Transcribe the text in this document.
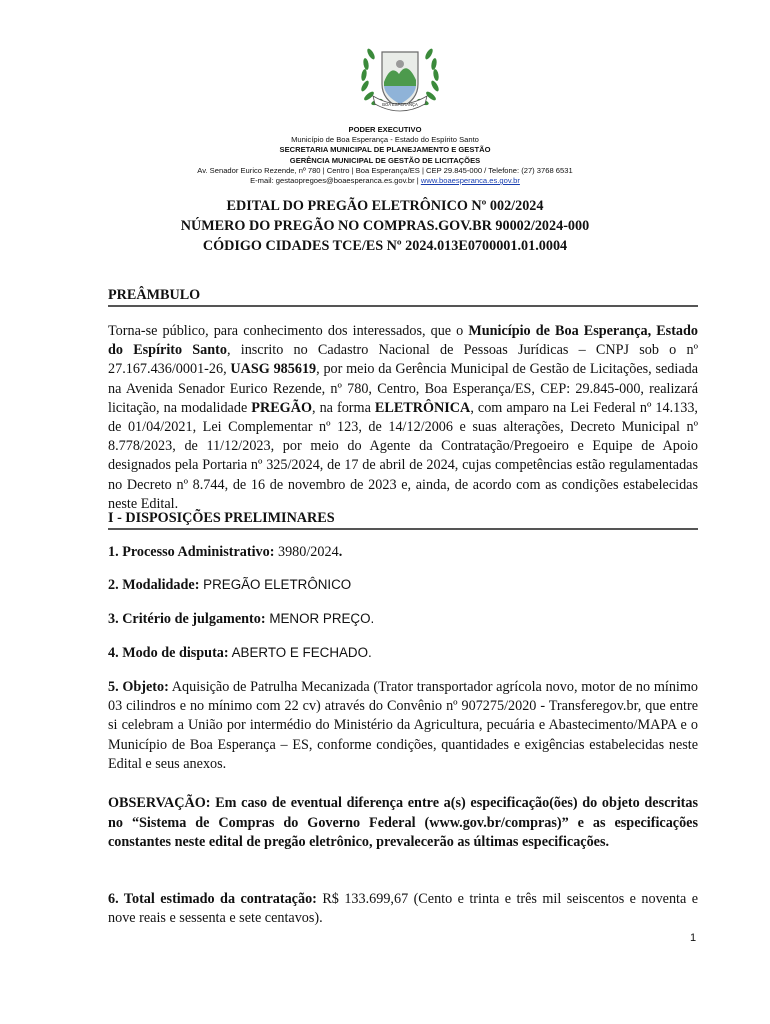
BOA ESPERANÇA
PODER EXECUTIVO
Município de Boa Esperança - Estado do Espírito Santo
SECRETARIA MUNICIPAL DE PLANEJAMENTO E GESTÃO
GERÊNCIA MUNICIPAL DE GESTÃO DE LICITAÇÕES
Av. Senador Eurico Rezende, nº 780 | Centro | Boa Esperança/ES | CEP 29.845-000 / Telefone: (27) 3768 6531
E-mail: gestaopregoes@boaesperanca.es.gov.br | www.boaesperanca.es.gov.br
EDITAL DO PREGÃO ELETRÔNICO Nº 002/2024
NÚMERO DO PREGÃO NO COMPRAS.GOV.BR 90002/2024-000
CÓDIGO CIDADES TCE/ES Nº 2024.013E0700001.01.0004
PREÂMBULO
Torna-se público, para conhecimento dos interessados, que o Município de Boa Esperança, Estado do Espírito Santo, inscrito no Cadastro Nacional de Pessoas Jurídicas – CNPJ sob o nº 27.167.436/0001-26, UASG 985619, por meio da Gerência Municipal de Gestão de Licitações, sediada na Avenida Senador Eurico Rezende, nº 780, Centro, Boa Esperança/ES, CEP: 29.845-000, realizará licitação, na modalidade PREGÃO, na forma ELETRÔNICA, com amparo na Lei Federal nº 14.133, de 01/04/2021, Lei Complementar nº 123, de 14/12/2006 e suas alterações, Decreto Municipal nº 8.778/2023, de 11/12/2023, por meio do Agente da Contratação/Pregoeiro e Equipe de Apoio designados pela Portaria nº 325/2024, de 17 de abril de 2024, cujas competências estão regulamentadas no Decreto nº 8.744, de 16 de novembro de 2023 e, ainda, de acordo com as condições estabelecidas neste Edital.
I - DISPOSIÇÕES PRELIMINARES
1. Processo Administrativo: 3980/2024.
2. Modalidade: PREGÃO ELETRÔNICO
3. Critério de julgamento: MENOR PREÇO.
4. Modo de disputa: ABERTO E FECHADO.
5. Objeto: Aquisição de Patrulha Mecanizada (Trator transportador agrícola novo, motor de no mínimo 03 cilindros e no mínimo com 22 cv) através do Convênio nº 907275/2020 - Transferegov.br, que entre si celebram a União por intermédio do Ministério da Agricultura, pecuária e Abastecimento/MAPA e o Município de Boa Esperança – ES, conforme condições, quantidades e exigências estabelecidas neste Edital e seus anexos.
OBSERVAÇÃO: Em caso de eventual diferença entre a(s) especificação(ões) do objeto descritas no “Sistema de Compras do Governo Federal (www.gov.br/compras)” e as especificações constantes neste edital de pregão eletrônico, prevalecerão as últimas especificações.
6. Total estimado da contratação: R$ 133.699,67 (Cento e trinta e três mil seiscentos e noventa e nove reais e sessenta e sete centavos).
1
